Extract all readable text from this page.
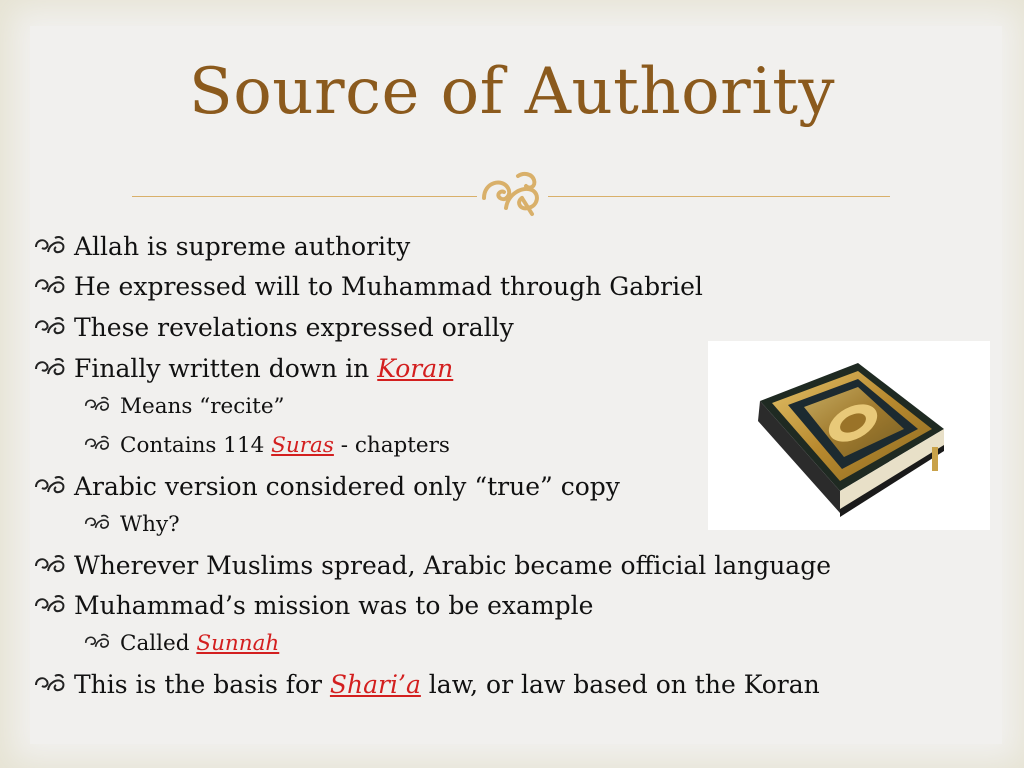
Source of Authority
Allah is supreme authority
He expressed will to Muhammad through Gabriel
These revelations expressed orally
Finally written down in Koran
Means “recite”
Contains 114 Suras - chapters
Arabic version considered only “true” copy
Why?
Wherever Muslims spread, Arabic became official language
Muhammad’s mission was to be example
Called Sunnah
This is the basis for Shari’a law, or law based on the Koran
